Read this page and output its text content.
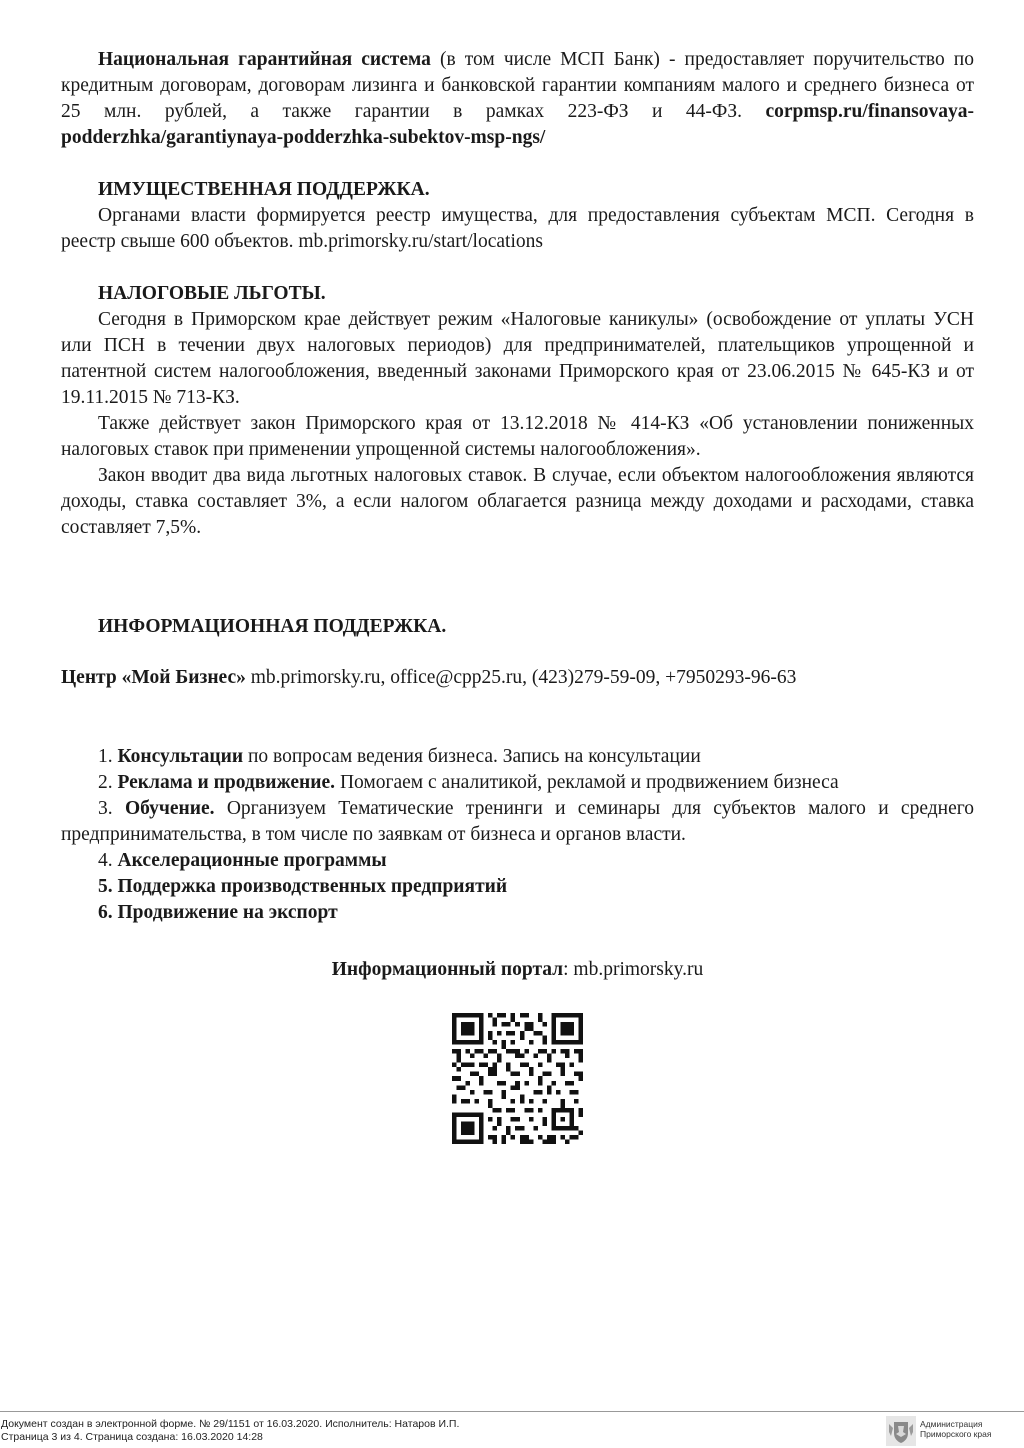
Национальная гарантийная система (в том числе МСП Банк) - предоставляет поручительство по кредитным договорам, договорам лизинга и банковской гарантии компаниям малого и среднего бизнеса от 25 млн. рублей, а также гарантии в рамках 223-ФЗ и 44-ФЗ. corpmsp.ru/finansovaya-podderzhka/garantiynaya-podderzhka-subektov-msp-ngs/

ИМУЩЕСТВЕННАЯ ПОДДЕРЖКА.

Органами власти формируется реестр имущества, для предоставления субъектам МСП. Сегодня в реестр свыше 600 объектов. mb.primorsky.ru/start/locations

НАЛОГОВЫЕ ЛЬГОТЫ.

Сегодня в Приморском крае действует режим «Налоговые каникулы» (освобождение от уплаты УСН или ПСН в течении двух налоговых периодов) для предпринимателей, плательщиков упрощенной и патентной систем налогообложения, введенный законами Приморского края от 23.06.2015 № 645-КЗ и от 19.11.2015 № 713-КЗ.

Также действует закон Приморского края от 13.12.2018 № 414-КЗ «Об установлении пониженных налоговых ставок при применении упрощенной системы налогообложения».

Закон вводит два вида льготных налоговых ставок. В случае, если объектом налогообложения являются доходы, ставка составляет 3%, а если налогом облагается разница между доходами и расходами, ставка составляет 7,5%.

ИНФОРМАЦИОННАЯ ПОДДЕРЖКА.

Центр «Мой Бизнес» mb.primorsky.ru, office@cpp25.ru, (423)279-59-09, +7950293-96-63

1. Консультации по вопросам ведения бизнеса. Запись на консультации

2. Реклама и продвижение. Помогаем с аналитикой, рекламой и продвижением бизнеса

3. Обучение. Организуем Тематические тренинги и семинары для субъектов малого и среднего предпринимательства, в том числе по заявкам от бизнеса и органов власти.

4. Акселерационные программы

5. Поддержка производственных предприятий

6. Продвижение на экспорт

Информационный портал: mb.primorsky.ru

Документ создан в электронной форме. № 29/1151 от 16.03.2020. Исполнитель: Натаров И.П.
Страница 3 из 4. Страница создана: 16.03.2020 14:28
Администрация
Приморского края
